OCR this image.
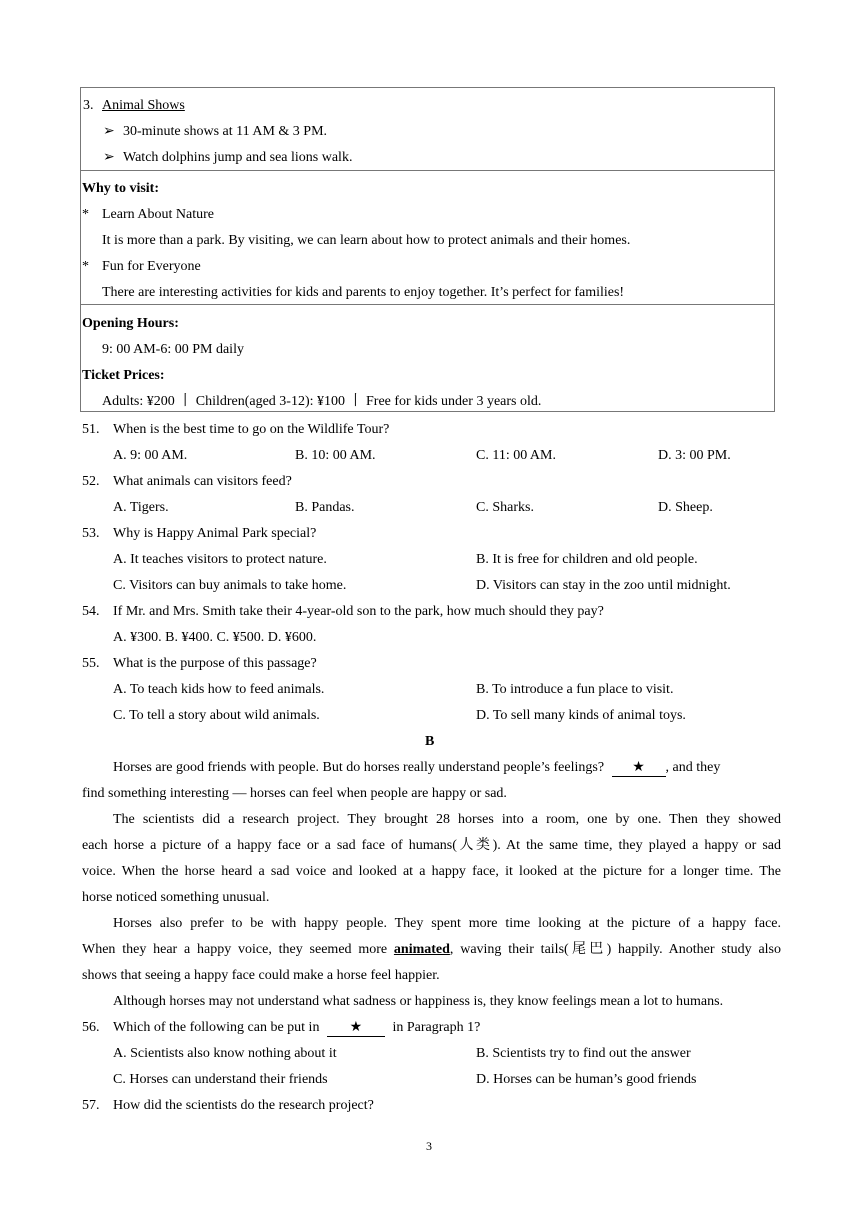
3. Animal Shows
➢ 30-minute shows at 11 AM & 3 PM.
➢ Watch dolphins jump and sea lions walk.
Why to visit:
* Learn About Nature
It is more than a park. By visiting, we can learn about how to protect animals and their homes.
* Fun for Everyone
There are interesting activities for kids and parents to enjoy together. It’s perfect for families!
Opening Hours:
9: 00 AM-6: 00 PM daily
Ticket Prices:
Adults: ¥200 丨 Children(aged 3-12): ¥100 丨 Free for kids under 3 years old.
51. When is the best time to go on the Wildlife Tour?
A. 9: 00 AM.	B. 10: 00 AM.	C. 11: 00 AM.	D. 3: 00 PM.
52. What animals can visitors feed?
A. Tigers.	B. Pandas.	C. Sharks.	D. Sheep.
53. Why is Happy Animal Park special?
A. It teaches visitors to protect nature.	B. It is free for children and old people.
C. Visitors can buy animals to take home.	D. Visitors can stay in the zoo until midnight.
54. If Mr. and Mrs. Smith take their 4-year-old son to the park, how much should they pay?
A. ¥300. B. ¥400. C. ¥500. D. ¥600.
55. What is the purpose of this passage?
A. To teach kids how to feed animals.	B. To introduce a fun place to visit.
C. To tell a story about wild animals.	D. To sell many kinds of animal toys.
B
Horses are good friends with people. But do horses really understand people’s feelings? ★ , and they
find something interesting — horses can feel when people are happy or sad.
The scientists did a research project. They brought 28 horses into a room, one by one. Then they showed
each horse a picture of a happy face or a sad face of humans(人类). At the same time, they played a happy or sad
voice. When the horse heard a sad voice and looked at a happy face, it looked at the picture for a longer time. The
horse noticed something unusual.
Horses also prefer to be with happy people. They spent more time looking at the picture of a happy face.
When they hear a happy voice, they seemed more animated, waving their tails(尾巴) happily. Another study also
shows that seeing a happy face could make a horse feel happier.
Although horses may not understand what sadness or happiness is, they know feelings mean a lot to humans.
56. Which of the following can be put in ★ in Paragraph 1?
A. Scientists also know nothing about it	B. Scientists try to find out the answer
C. Horses can understand their friends	D. Horses can be human’s good friends
57. How did the scientists do the research project?
3
